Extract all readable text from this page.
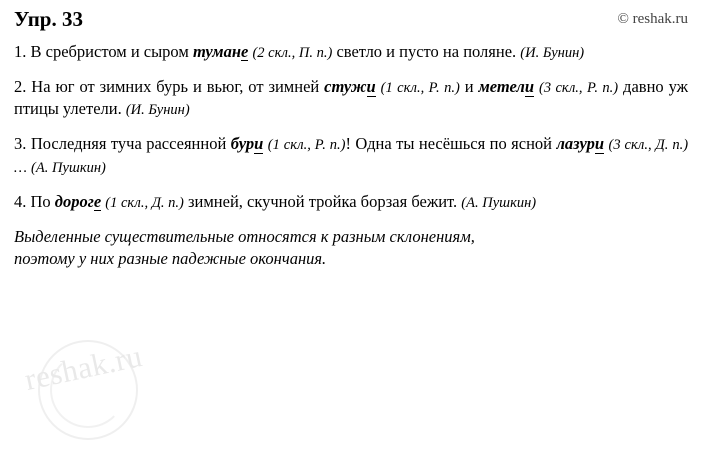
reshak.ru
Упр. 33	© reshak.ru

1. В сребристом и сыром тумане (2 скл., П. п.) светло и пусто на поляне. (И. Бунин)

2. На юг от зимних бурь и вьюг, от зимней стужи (1 скл., Р. п.) и метели (3 скл., Р. п.) давно уж птицы улетели. (И. Бунин)

3. Последняя туча рассеянной бури (1 скл., Р. п.)! Одна ты несёшься по ясной лазури (3 скл., Д. п.) … (А. Пушкин)

4. По дороге (1 скл., Д. п.) зимней, скучной тройка борзая бежит. (А. Пушкин)

Выделенные существительные относятся к разным склонениям,
поэтому у них разные падежные окончания.
